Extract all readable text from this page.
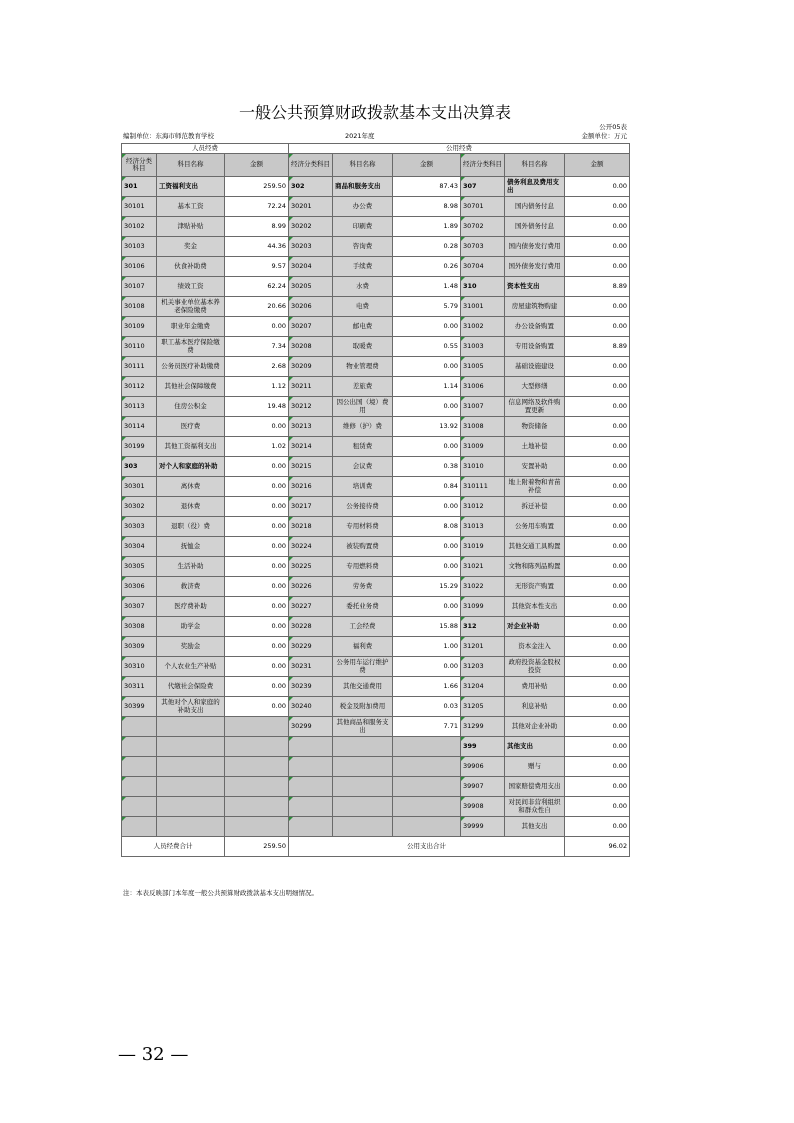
一般公共预算财政拨款基本支出决算表
公开05表
编制单位：东海市师范教育学校	2021年度	金额单位：万元
人员经费			公用经费					
经济分类科目	科目名称	金额	经济分类科目	科目名称	金额	经济分类科目	科目名称	金额
301	工资福利支出	259.50	302	商品和服务支出	87.43	307	债务利息及费用支出	0.00
30101	基本工资	72.24	30201	办公费	8.98	30701	国内债务付息	0.00
30102	津贴补贴	8.99	30202	印刷费	1.89	30702	国外债务付息	0.00
30103	奖金	44.36	30203	咨询费	0.28	30703	国内债务发行费用	0.00
30106	伙食补助费	9.57	30204	手续费	0.26	30704	国外债务发行费用	0.00
30107	绩效工资	62.24	30205	水费	1.48	310	资本性支出	8.89
30108	机关事业单位基本养老保险缴费	20.66	30206	电费	5.79	31001	房屋建筑物购建	0.00
30109	职业年金缴费	0.00	30207	邮电费	0.00	31002	办公设备购置	0.00
30110	职工基本医疗保险缴费	7.34	30208	取暖费	0.55	31003	专用设备购置	8.89
30111	公务员医疗补助缴费	2.68	30209	物业管理费	0.00	31005	基础设施建设	0.00
30112	其他社会保障缴费	1.12	30211	差旅费	1.14	31006	大型修缮	0.00
30113	住房公积金	19.48	30212	因公出国（境）费用	0.00	31007	信息网络及软件购置更新	0.00
30114	医疗费	0.00	30213	维修（护）费	13.92	31008	物资储备	0.00
30199	其他工资福利支出	1.02	30214	租赁费	0.00	31009	土地补偿	0.00
303	对个人和家庭的补助	0.00	30215	会议费	0.38	31010	安置补助	0.00
30301	离休费	0.00	30216	培训费	0.84	310111	地上附着物和青苗补偿	0.00
30302	退休费	0.00	30217	公务接待费	0.00	31012	拆迁补偿	0.00
30303	退职（役）费	0.00	30218	专用材料费	8.08	31013	公务用车购置	0.00
30304	抚恤金	0.00	30224	被装购置费	0.00	31019	其他交通工具购置	0.00
30305	生活补助	0.00	30225	专用燃料费	0.00	31021	文物和陈列品购置	0.00
30306	救济费	0.00	30226	劳务费	15.29	31022	无形资产购置	0.00
30307	医疗费补助	0.00	30227	委托业务费	0.00	31099	其他资本性支出	0.00
30308	助学金	0.00	30228	工会经费	15.88	312	对企业补助	0.00
30309	奖励金	0.00	30229	福利费	1.00	31201	资本金注入	0.00
30310	个人农业生产补贴	0.00	30231	公务用车运行维护费	0.00	31203	政府投资基金股权投资	0.00
30311	代缴社会保险费	0.00	30239	其他交通费用	1.66	31204	费用补贴	0.00
30399	其他对个人和家庭的补助支出	0.00	30240	税金及附加费用	0.03	31205	利息补贴	0.00
			30299	其他商品和服务支出	7.71	31299	其他对企业补助	0.00
						399	其他支出	0.00
						39906	赠与	0.00
						39907	国家赔偿费用支出	0.00
						39908	对民间非营利组织和群众性自	0.00
						39999	其他支出	0.00
人员经费合计		259.50	公用支出合计					96.02
注：本表反映部门本年度一般公共预算财政拨款基本支出明细情况。
— 32 —
